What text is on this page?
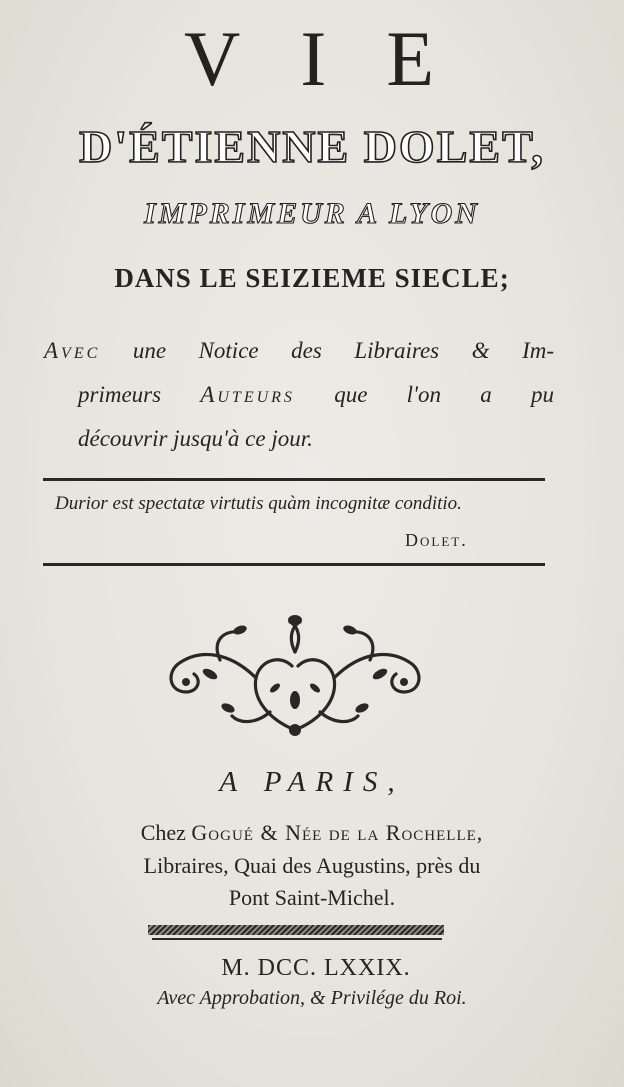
VIE
D'ÉTIENNE DOLET,
IMPRIMEUR A LYON
DANS LE SEIZIEME SIECLE;
Avec une Notice des Libraires & Im-
primeurs Auteurs que l'on a pu
découvrir jusqu'à ce jour.
Durior est spectatæ virtutis quàm incognitæ conditio.
Dolet.
A PARIS,
Chez Gogué & Née de la Rochelle,
Libraires, Quai des Augustins, près du
Pont Saint-Michel.
M. DCC. LXXIX.
Avec Approbation, & Privilége du Roi.
